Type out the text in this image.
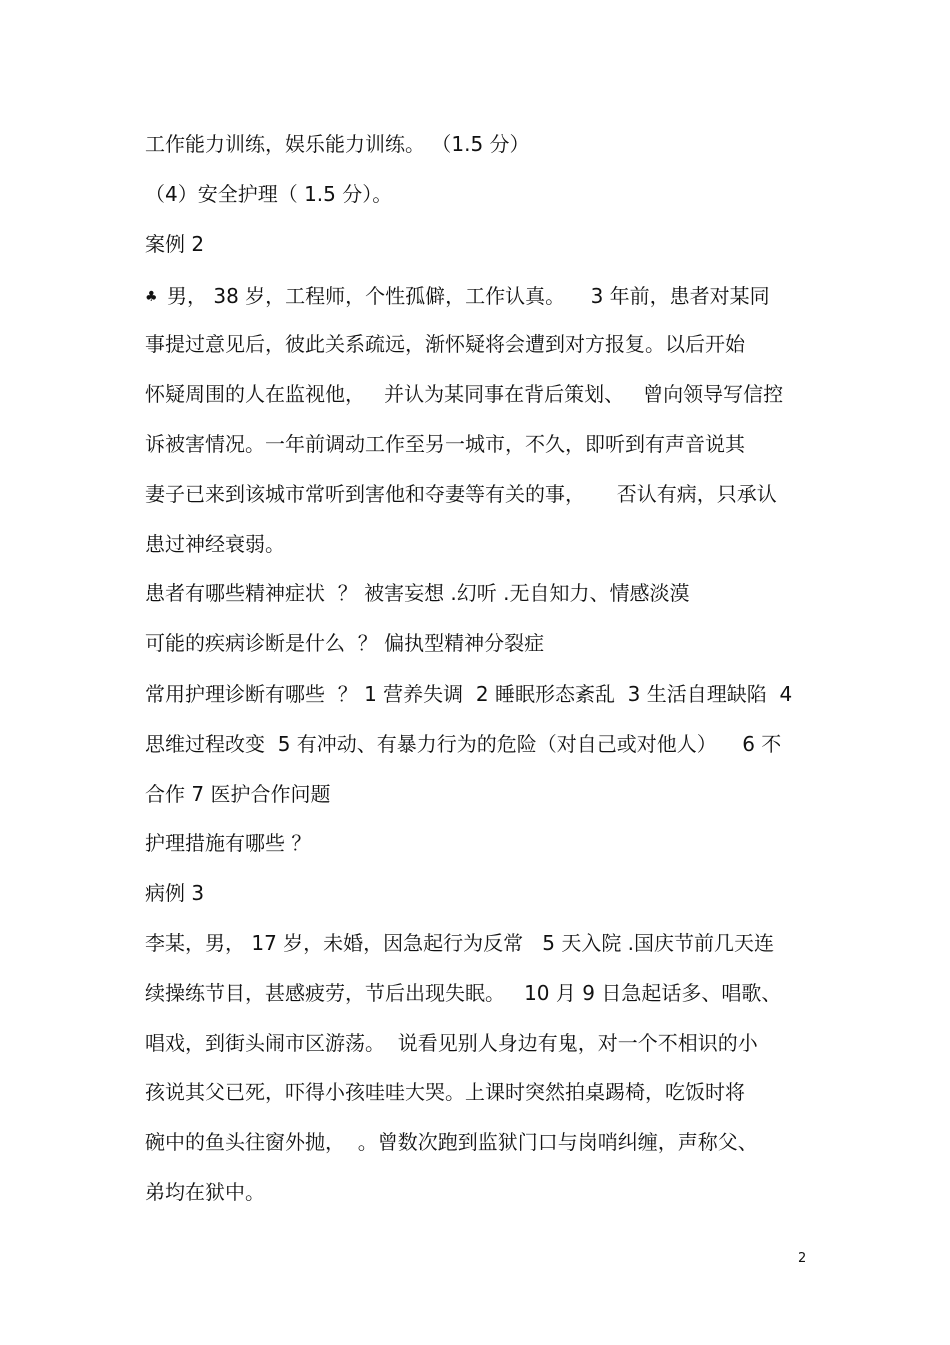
工作能力训练，娱乐能力训练。 （1.5 分）
（4）安全护理（ 1.5 分）。
案例 2
♣ 男， 38 岁，工程师，个性孤僻，工作认真。    3 年前，患者对某同
事提过意见后，彼此关系疏远，渐怀疑将会遭到对方报复。以后开始
怀疑周围的人在监视他，   并认为某同事在背后策划、   曾向领导写信控
诉被害情况。一年前调动工作至另一城市，不久，即听到有声音说其
妻子已来到该城市常听到害他和夺妻等有关的事，     否认有病，只承认
患过神经衰弱。
患者有哪些精神症状  ？ 被害妄想 .幻听 .无自知力、情感淡漠
可能的疾病诊断是什么  ？ 偏执型精神分裂症
常用护理诊断有哪些  ？ 1 营养失调  2 睡眠形态紊乱  3 生活自理缺陷  4
思维过程改变  5 有冲动、有暴力行为的危险（对自己或对他人）    6 不
合作 7 医护合作问题
护理措施有哪些 ？
病例 3
李某，男， 17 岁，未婚，因急起行为反常   5 天入院 .国庆节前几天连
续操练节目，甚感疲劳，节后出现失眠。   10 月 9 日急起话多、唱歌、
唱戏，到街头闹市区游荡。  说看见别人身边有鬼，对一个不相识的小
孩说其父已死，吓得小孩哇哇大哭。上课时突然拍桌踢椅，吃饭时将
碗中的鱼头往窗外抛，  。曾数次跑到监狱门口与岗哨纠缠，声称父、
弟均在狱中。
2
